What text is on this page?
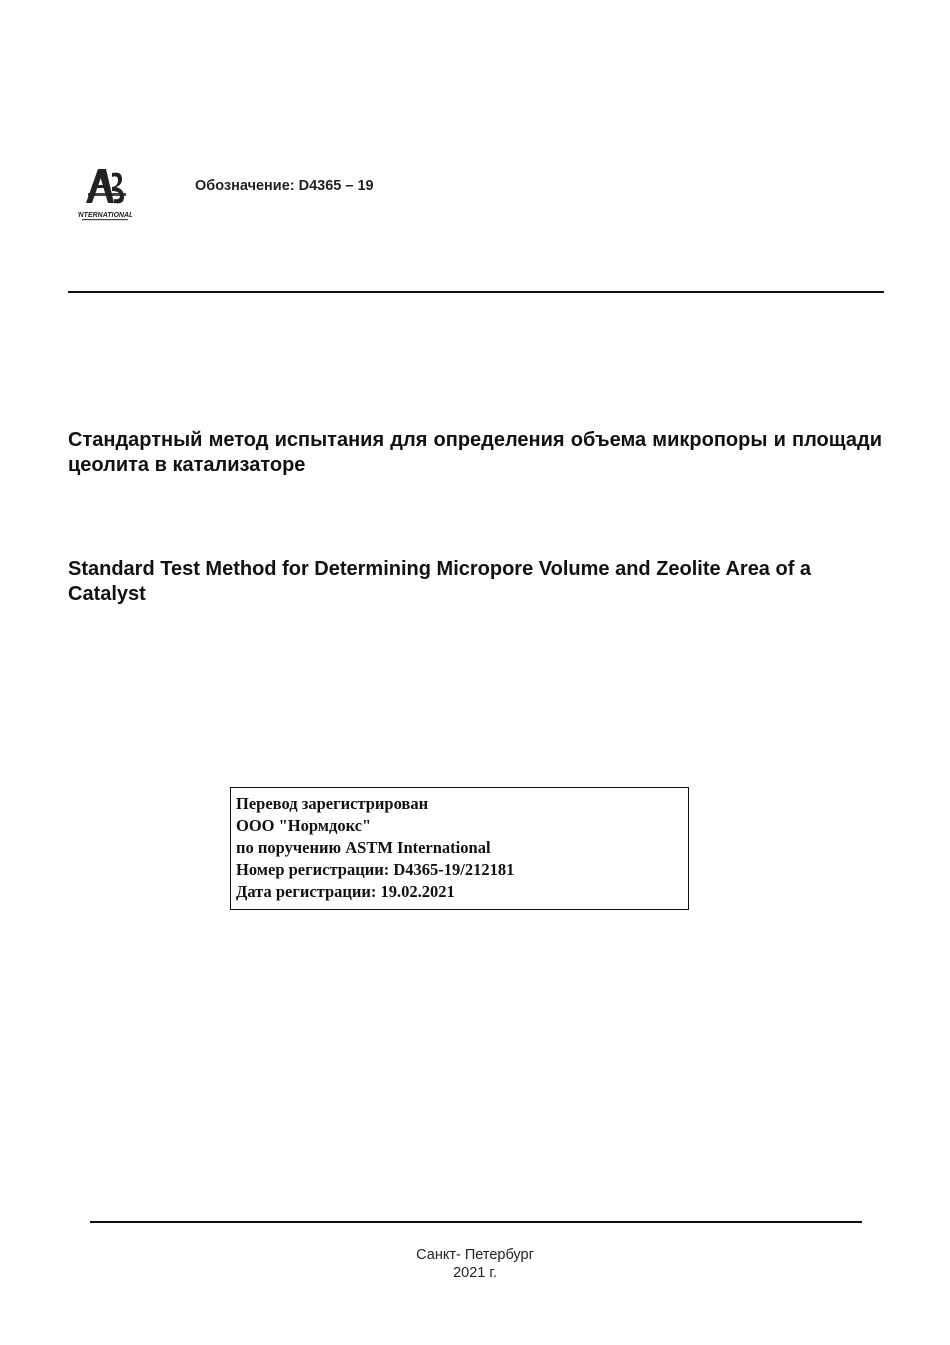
INTERNATIONAL
Обозначение: D4365 – 19
Стандартный метод испытания для определения объема микропоры и площади цеолита в катализаторе
Standard Test Method for Determining Micropore Volume and Zeolite Area of a Catalyst
Перевод зарегистрирован
ООО "Нормдокс"
по поручению ASTM International
Номер регистрации: D4365-19/212181
Дата регистрации: 19.02.2021
Санкт- Петербург
2021 г.
